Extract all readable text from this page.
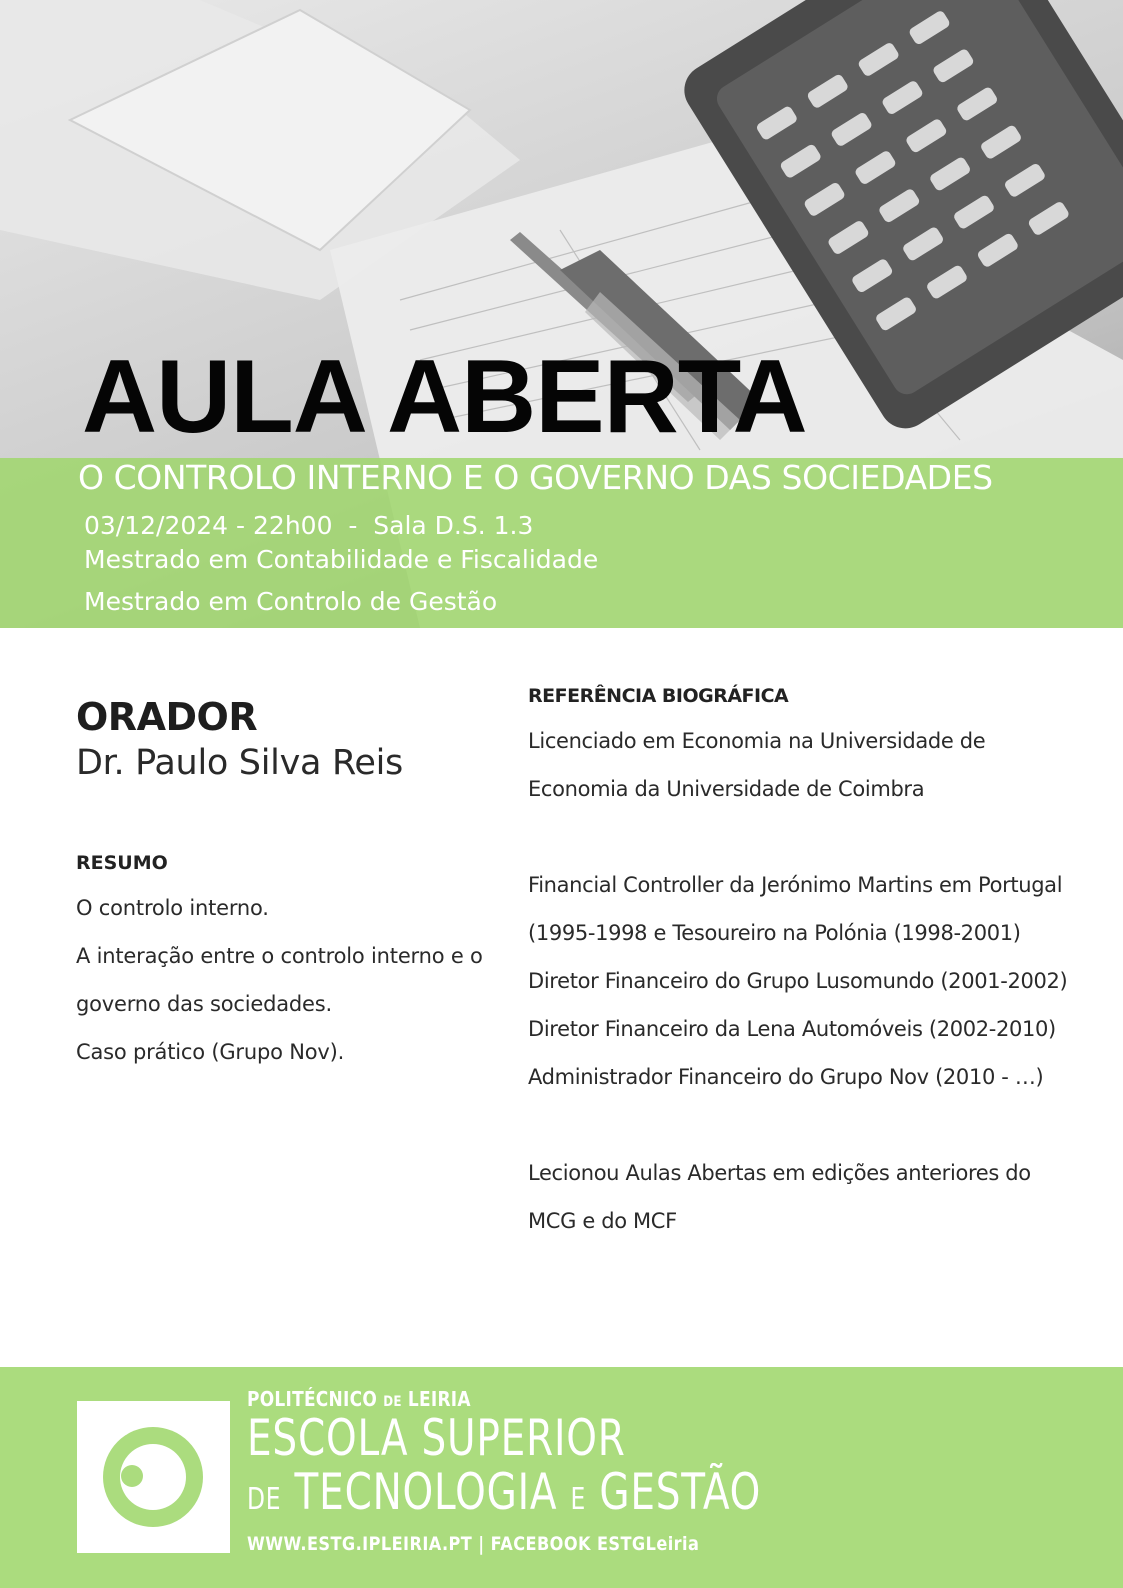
AULA ABERTA

O CONTROLO INTERNO E O GOVERNO DAS SOCIEDADES

03/12/2024 - 22h00  -  Sala D.S. 1.3

Mestrado em Contabilidade e Fiscalidade

Mestrado em Controlo de Gestão

ORADOR

Dr. Paulo Silva Reis

RESUMO
O controlo interno.
A interação entre o controlo interno e o
governo das sociedades.
Caso prático (Grupo Nov).
REFERÊNCIA BIOGRÁFICA
Licenciado em Economia na Universidade de
Economia da Universidade de Coimbra
Financial Controller da Jerónimo Martins em Portugal
(1995-1998 e Tesoureiro na Polónia (1998-2001)
Diretor Financeiro do Grupo Lusomundo (2001-2002)
Diretor Financeiro da Lena Automóveis (2002-2010)
Administrador Financeiro do Grupo Nov (2010 - …)
Lecionou Aulas Abertas em edições anteriores do
MCG e do MCF
POLITÉCNICO DE LEIRIA
ESCOLA SUPERIOR
DE TECNOLOGIA E GESTÃO
WWW.ESTG.IPLEIRIA.PT | FACEBOOK ESTGLeiria
